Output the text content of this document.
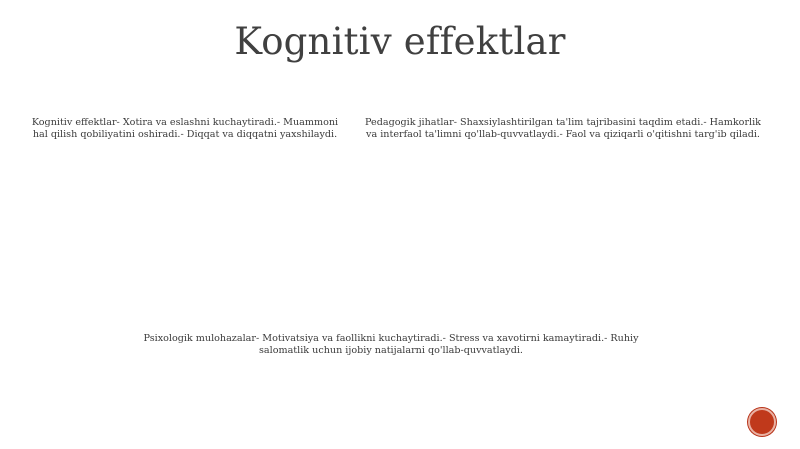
Kognitiv effektlar
Kognitiv effektlar- Xotira va eslashni kuchaytiradi.- Muammoni hal qilish qobiliyatini oshiradi.- Diqqat va diqqatni yaxshilaydi.
Pedagogik jihatlar- Shaxsiylashtirilgan ta'lim tajribasini taqdim etadi.- Hamkorlik va interfaol ta'limni qo'llab-quvvatlaydi.- Faol va qiziqarli o'qitishni targ'ib qiladi.
Psixologik mulohazalar- Motivatsiya va faollikni kuchaytiradi.- Stress va xavotirni kamaytiradi.- Ruhiy salomatlik uchun ijobiy natijalarni qo'llab-quvvatlaydi.
